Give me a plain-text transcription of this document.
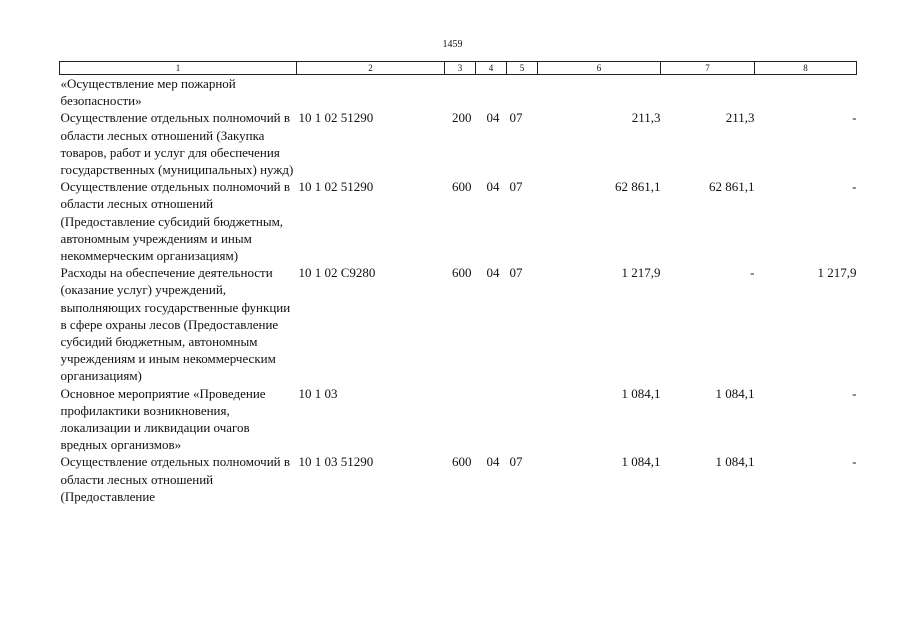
1459
1	2	3	4	5	6	7	8
«Осуществление мер пожарной безопасности»							
Осуществление отдельных полномочий в области лесных отношений (Закупка товаров, работ и услуг для обеспечения государственных (муниципальных) нужд)	10 1 02 51290	200	04	07	211,3	211,3	-
Осуществление отдельных полномочий в области лесных отношений (Предоставление субсидий бюджетным, автономным учреждениям и иным некоммерческим организациям)	10 1 02 51290	600	04	07	62 861,1	62 861,1	-
Расходы на обеспечение деятельности (оказание услуг) учреждений, выполняющих государственные функции в сфере охраны лесов (Предоставление субсидий бюджетным, автономным учреждениям и иным некоммерческим организациям)	10 1 02 С9280	600	04	07	1 217,9	-	1 217,9
Основное мероприятие «Проведение профилактики возникновения, локализации и ликвидации очагов вредных организмов»	10 1 03				1 084,1	1 084,1	-
Осуществление отдельных полномочий в области лесных отношений (Предоставление	10 1 03 51290	600	04	07	1 084,1	1 084,1	-
